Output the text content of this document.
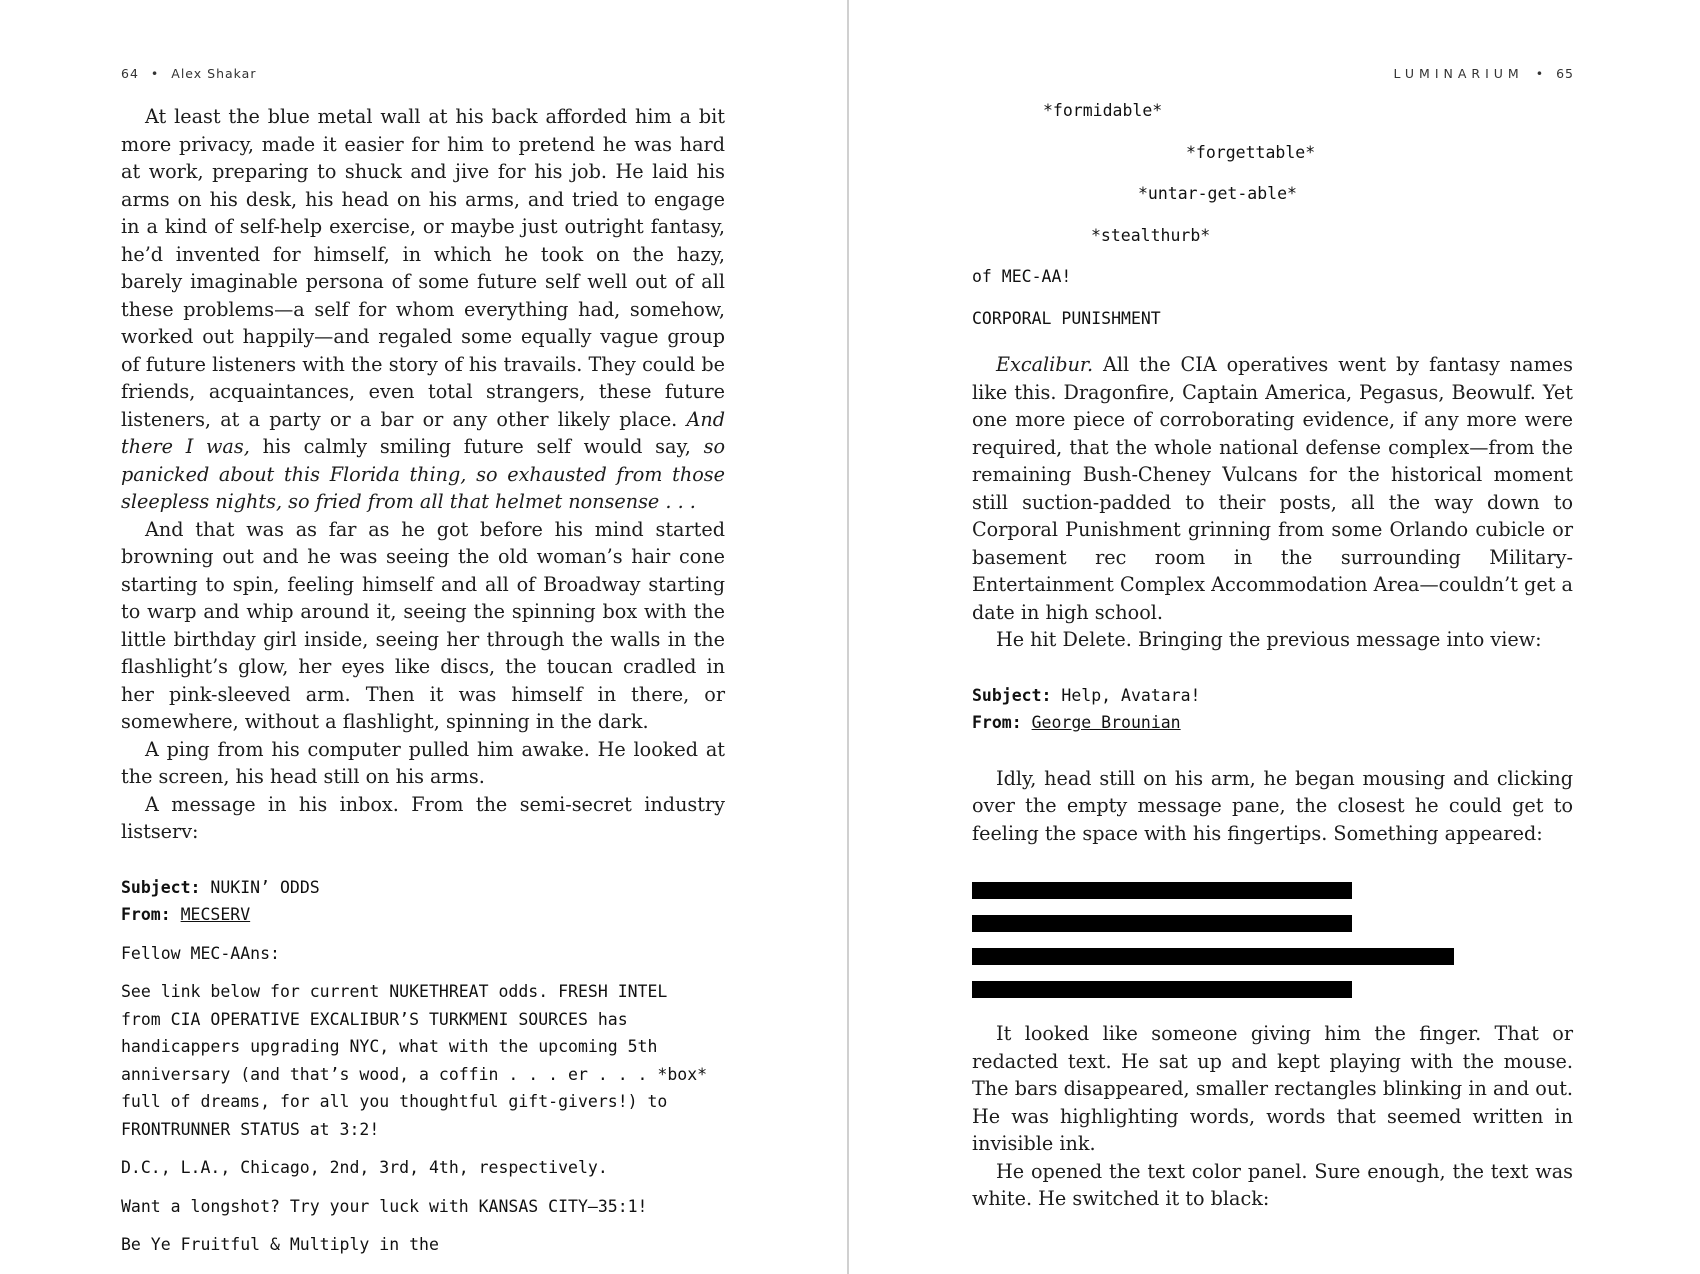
64 • Alex Shakar

At least the blue metal wall at his back afforded him a bit more privacy, made it easier for him to pretend he was hard at work, preparing to shuck and jive for his job. He laid his arms on his desk, his head on his arms, and tried to engage in a kind of self-help exercise, or maybe just outright fantasy, he’d invented for himself, in which he took on the hazy, barely imaginable persona of some future self well out of all these problems—a self for whom everything had, somehow, worked out happily—and regaled some equally vague group of future listeners with the story of his travails. They could be friends, acquaintances, even total strangers, these future listeners, at a party or a bar or any other likely place. And there I was, his calmly smiling future self would say, so panicked about this Florida thing, so exhausted from those sleepless nights, so fried from all that helmet nonsense . . .

And that was as far as he got before his mind started browning out and he was seeing the old woman’s hair cone starting to spin, feeling himself and all of Broadway starting to warp and whip around it, seeing the spinning box with the little birthday girl inside, seeing her through the walls in the flashlight’s glow, her eyes like discs, the toucan cradled in her pink-sleeved arm. Then it was himself in there, or somewhere, without a flashlight, spinning in the dark.

A ping from his computer pulled him awake. He looked at the screen, his head still on his arms.

A message in his inbox. From the semi-secret industry listserv:

Subject: NUKIN’ ODDS
From: MECSERV

Fellow MEC-AAns:

See link below for current NUKETHREAT odds. FRESH INTEL
from CIA OPERATIVE EXCALIBUR’S TURKMENI SOURCES has
handicappers upgrading NYC, what with the upcoming 5th
anniversary (and that’s wood, a coffin . . . er . . . *box*
full of dreams, for all you thoughtful gift-givers!) to
FRONTRUNNER STATUS at 3:2!

D.C., L.A., Chicago, 2nd, 3rd, 4th, respectively.

Want a longshot? Try your luck with KANSAS CITY—35:1!

Be Ye Fruitful & Multiply in the

LUMINARIUM • 65

*formidable*

*forgettable*

*untar-get-able*

*stealthurb*

of MEC-AA!

CORPORAL PUNISHMENT

Excalibur. All the CIA operatives went by fantasy names like this. Dragonfire, Captain America, Pegasus, Beowulf. Yet one more piece of corroborating evidence, if any more were required, that the whole national defense complex—from the remaining Bush-Cheney Vulcans for the historical moment still suction-padded to their posts, all the way down to Corporal Punishment grinning from some Orlando cubicle or basement rec room in the surrounding Military-Entertainment Complex Accommodation Area—couldn’t get a date in high school.

He hit Delete. Bringing the previous message into view:

Subject: Help, Avatara!
From: George Brounian

Idly, head still on his arm, he began mousing and clicking over the empty message pane, the closest he could get to feeling the space with his fingertips. Something appeared:

It looked like someone giving him the finger. That or redacted text. He sat up and kept playing with the mouse. The bars disappeared, smaller rectangles blinking in and out. He was highlighting words, words that seemed written in invisible ink.

He opened the text color panel. Sure enough, the text was white. He switched it to black:
